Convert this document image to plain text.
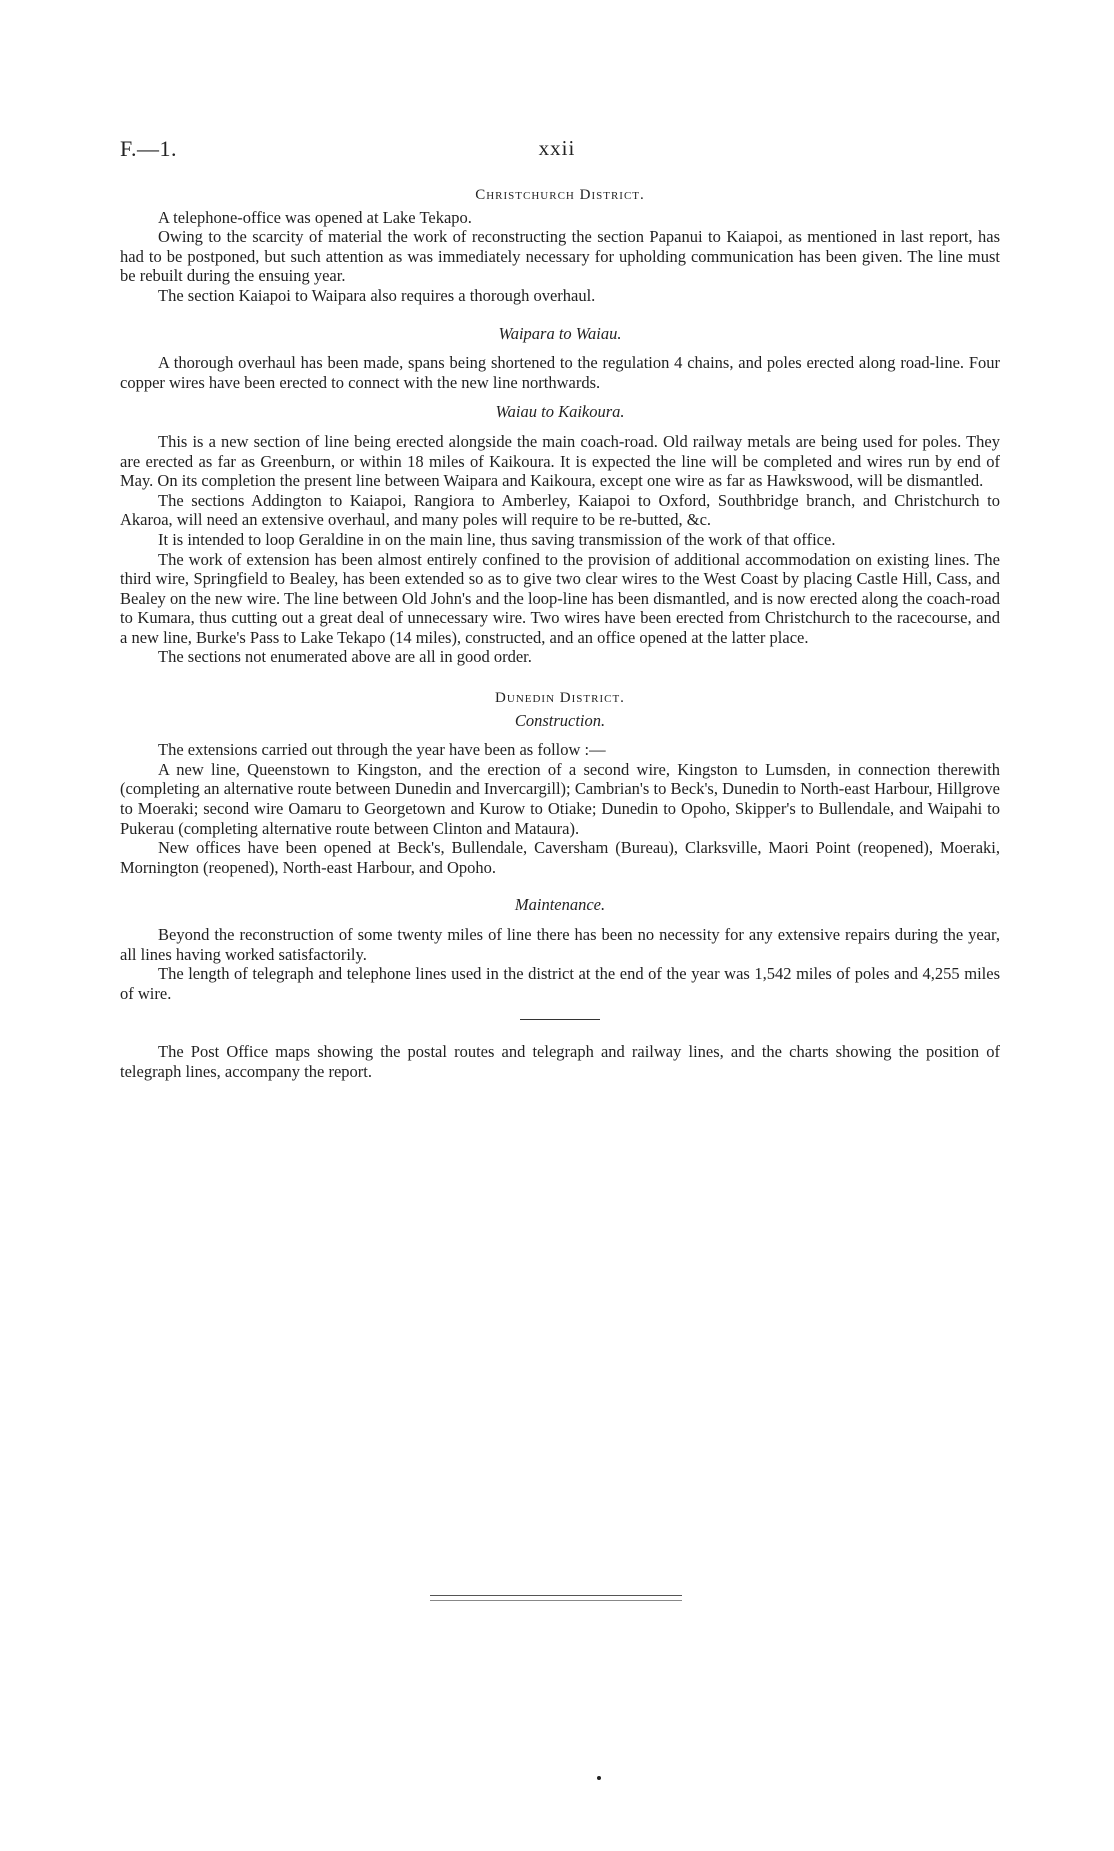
F.—1.	xxii
Christchurch District.

A telephone-office was opened at Lake Tekapo.

Owing to the scarcity of material the work of reconstructing the section Papanui to Kaiapoi, as mentioned in last report, has had to be postponed, but such attention as was immediately necessary for upholding communication has been given. The line must be rebuilt during the ensuing year.

The section Kaiapoi to Waipara also requires a thorough overhaul.

Waipara to Waiau.

A thorough overhaul has been made, spans being shortened to the regulation 4 chains, and poles erected along road-line. Four copper wires have been erected to connect with the new line northwards.

Waiau to Kaikoura.

This is a new section of line being erected alongside the main coach-road. Old railway metals are being used for poles. They are erected as far as Greenburn, or within 18 miles of Kaikoura. It is expected the line will be completed and wires run by end of May. On its completion the present line between Waipara and Kaikoura, except one wire as far as Hawkswood, will be dismantled.

The sections Addington to Kaiapoi, Rangiora to Amberley, Kaiapoi to Oxford, Southbridge branch, and Christchurch to Akaroa, will need an extensive overhaul, and many poles will require to be re-butted, &c.

It is intended to loop Geraldine in on the main line, thus saving transmission of the work of that office.

The work of extension has been almost entirely confined to the provision of additional accommodation on existing lines. The third wire, Springfield to Bealey, has been extended so as to give two clear wires to the West Coast by placing Castle Hill, Cass, and Bealey on the new wire. The line between Old John's and the loop-line has been dismantled, and is now erected along the coach-road to Kumara, thus cutting out a great deal of unnecessary wire. Two wires have been erected from Christchurch to the racecourse, and a new line, Burke's Pass to Lake Tekapo (14 miles), constructed, and an office opened at the latter place.

The sections not enumerated above are all in good order.

Dunedin District.
Construction.

The extensions carried out through the year have been as follow :—

A new line, Queenstown to Kingston, and the erection of a second wire, Kingston to Lumsden, in connection therewith (completing an alternative route between Dunedin and Invercargill); Cambrian's to Beck's, Dunedin to North-east Harbour, Hillgrove to Moeraki; second wire Oamaru to Georgetown and Kurow to Otiake; Dunedin to Opoho, Skipper's to Bullendale, and Waipahi to Pukerau (completing alternative route between Clinton and Mataura).

New offices have been opened at Beck's, Bullendale, Caversham (Bureau), Clarksville, Maori Point (reopened), Moeraki, Mornington (reopened), North-east Harbour, and Opoho.

Maintenance.

Beyond the reconstruction of some twenty miles of line there has been no necessity for any extensive repairs during the year, all lines having worked satisfactorily.

The length of telegraph and telephone lines used in the district at the end of the year was 1,542 miles of poles and 4,255 miles of wire.

The Post Office maps showing the postal routes and telegraph and railway lines, and the charts showing the position of telegraph lines, accompany the report.
